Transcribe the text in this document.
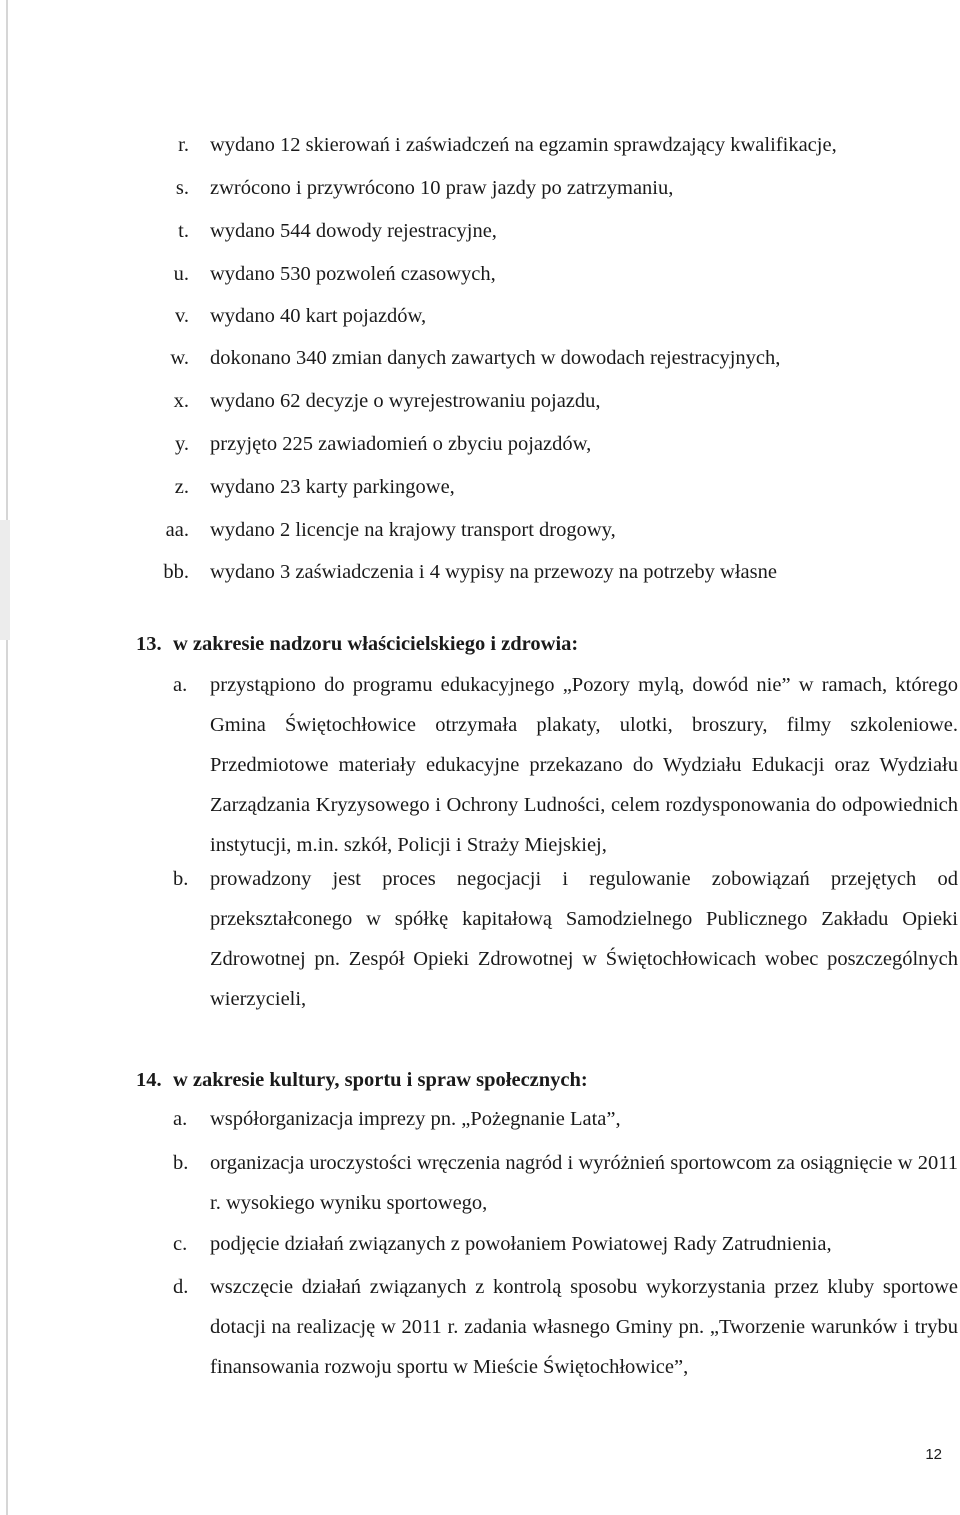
r. wydano 12 skierowań i zaświadczeń na egzamin sprawdzający kwalifikacje,
s. zwrócono i przywrócono 10 praw jazdy po zatrzymaniu,
t. wydano 544 dowody rejestracyjne,
u. wydano 530 pozwoleń czasowych,
v. wydano 40 kart pojazdów,
w. dokonano 340 zmian danych zawartych w dowodach rejestracyjnych,
x. wydano 62 decyzje o wyrejestrowaniu pojazdu,
y. przyjęto 225 zawiadomień o zbyciu pojazdów,
z. wydano 23 karty parkingowe,
aa. wydano 2 licencje na krajowy transport drogowy,
bb. wydano 3 zaświadczenia i 4 wypisy na przewozy na potrzeby własne
13. w zakresie nadzoru właścicielskiego i zdrowia:
a. przystąpiono do programu edukacyjnego „Pozory mylą, dowód nie” w ramach, którego Gmina Świętochłowice otrzymała plakaty, ulotki, broszury, filmy szkoleniowe. Przedmiotowe materiały edukacyjne przekazano do Wydziału Edukacji oraz Wydziału Zarządzania Kryzysowego i Ochrony Ludności, celem rozdysponowania do odpowiednich instytucji, m.in. szkół, Policji i Straży Miejskiej,
b. prowadzony jest proces negocjacji i regulowanie zobowiązań przejętych od przekształconego w spółkę kapitałową Samodzielnego Publicznego Zakładu Opieki Zdrowotnej pn. Zespół Opieki Zdrowotnej w Świętochłowicach wobec poszczególnych wierzycieli,
14. w zakresie kultury, sportu i spraw społecznych:
a. współorganizacja imprezy pn. „Pożegnanie Lata”,
b. organizacja uroczystości wręczenia nagród i wyróżnień sportowcom za osiągnięcie w 2011 r. wysokiego wyniku sportowego,
c. podjęcie działań związanych z powołaniem Powiatowej Rady Zatrudnienia,
d. wszczęcie działań związanych z kontrolą sposobu wykorzystania przez kluby sportowe dotacji na realizację w 2011 r. zadania własnego Gminy pn. „Tworzenie warunków i trybu finansowania rozwoju sportu w Mieście Świętochłowice”,
12
